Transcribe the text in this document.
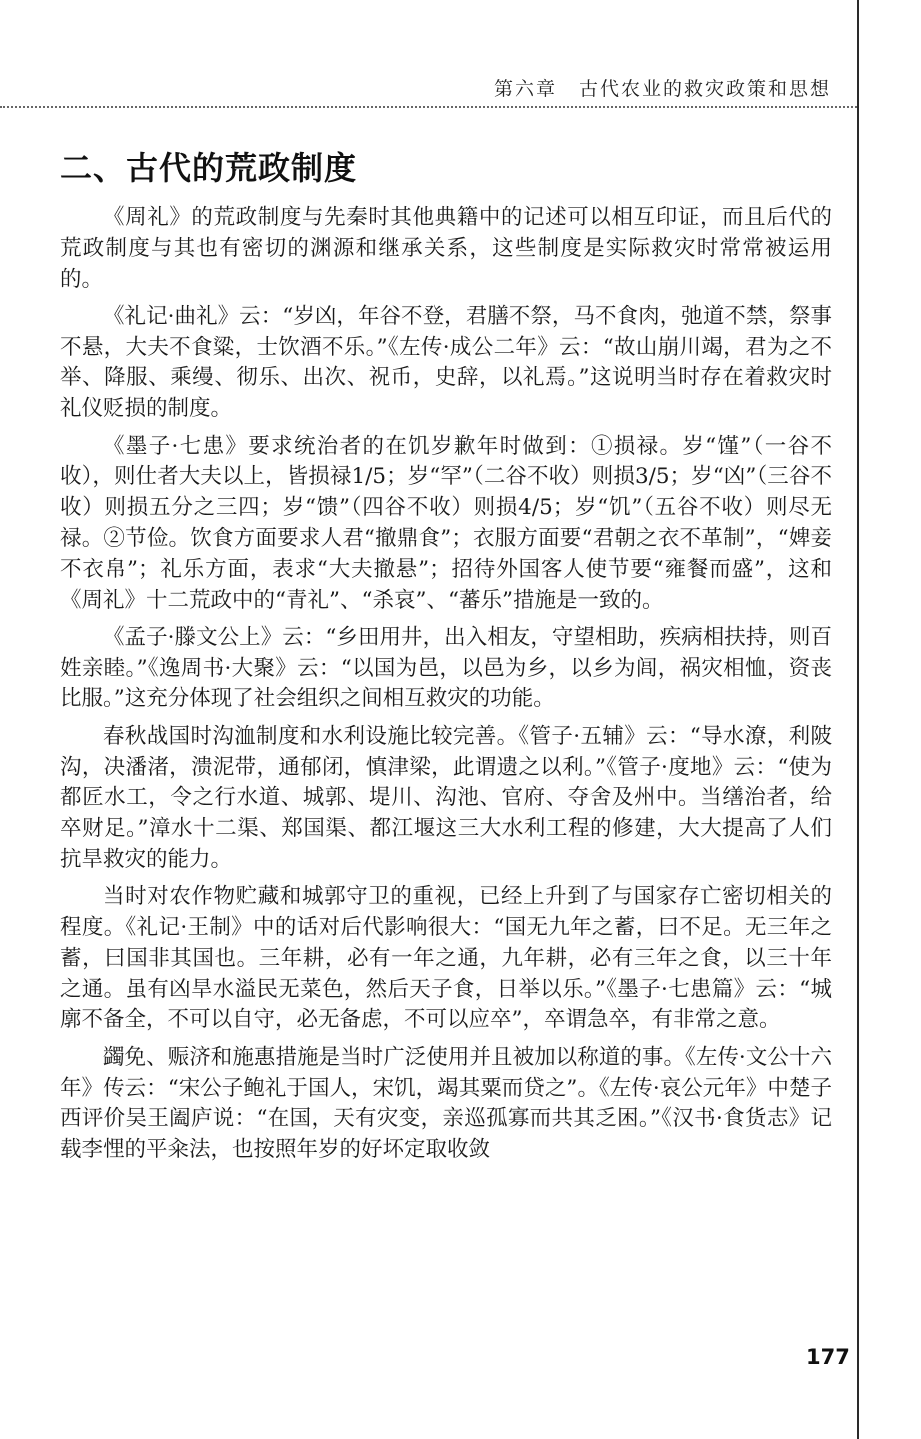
第六章 古代农业的救灾政策和思想
二、古代的荒政制度

《周礼》的荒政制度与先秦时其他典籍中的记述可以相互印证，而且后代的荒政制度与其也有密切的渊源和继承关系，这些制度是实际救灾时常常被运用的。

《礼记·曲礼》云：“岁凶，年谷不登，君膳不祭，马不食肉，弛道不禁，祭事不悬，大夫不食粱，士饮酒不乐。”《左传·成公二年》云：“故山崩川竭，君为之不举、降服、乘缦、彻乐、出次、祝币，史辞，以礼焉。”这说明当时存在着救灾时礼仪贬损的制度。

《墨子·七患》要求统治者的在饥岁歉年时做到：①损禄。岁“馑”（一谷不收），则仕者大夫以上，皆损禄1/5；岁“罕”（二谷不收）则损3/5；岁“凶”（三谷不收）则损五分之三四；岁“馈”（四谷不收）则损4/5；岁“饥”（五谷不收）则尽无禄。②节俭。饮食方面要求人君“撤鼎食”；衣服方面要“君朝之衣不革制”，“婢妾不衣帛”；礼乐方面，表求“大夫撤悬”；招待外国客人使节要“雍餐而盛”，这和《周礼》十二荒政中的“青礼”、“杀哀”、“蕃乐”措施是一致的。

《孟子·滕文公上》云：“乡田用井，出入相友，守望相助，疾病相扶持，则百姓亲睦。”《逸周书·大聚》云：“以国为邑，以邑为乡，以乡为闾，祸灾相恤，资丧比服。”这充分体现了社会组织之间相互救灾的功能。

春秋战国时沟洫制度和水利设施比较完善。《管子·五辅》云：“导水潦，利陂沟，决潘渚，溃泥带，通郁闭，慎津梁，此谓遗之以利。”《管子·度地》云：“使为都匠水工，令之行水道、城郭、堤川、沟池、官府、夺舍及州中。当缮治者，给卒财足。”漳水十二渠、郑国渠、都江堰这三大水利工程的修建，大大提高了人们抗旱救灾的能力。

当时对农作物贮藏和城郭守卫的重视，已经上升到了与国家存亡密切相关的程度。《礼记·王制》中的话对后代影响很大：“国无九年之蓄，曰不足。无三年之蓄，曰国非其国也。三年耕，必有一年之通，九年耕，必有三年之食，以三十年之通。虽有凶旱水溢民无菜色，然后天子食，日举以乐。”《墨子·七患篇》云：“城廓不备全，不可以自守，必无备虑，不可以应卒”，卒谓急卒，有非常之意。

蠲免、赈济和施惠措施是当时广泛使用并且被加以称道的事。《左传·文公十六年》传云：“宋公子鲍礼于国人，宋饥，竭其粟而贷之”。《左传·哀公元年》中楚子西评价吴王阖庐说：“在国，天有灾变，亲巡孤寡而共其乏困。”《汉书·食货志》记载李悝的平籴法，也按照年岁的好坏定取收敛

177
